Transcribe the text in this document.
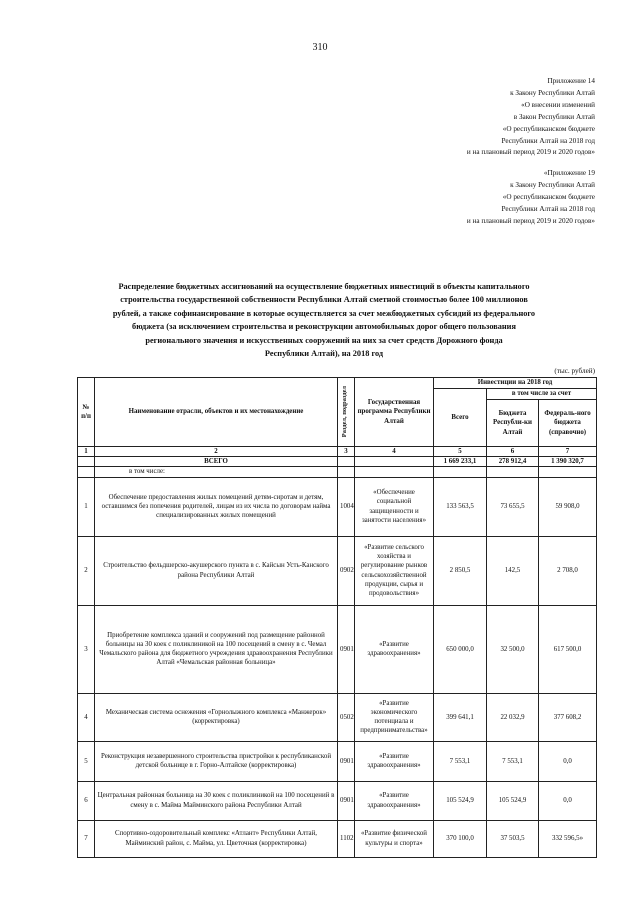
310
Приложение 14
к Закону Республики Алтай
«О внесении изменений
в Закон Республики Алтай
«О республиканском бюджете
Республики Алтай на 2018 год
и на плановый период 2019 и 2020 годов»
«Приложение 19
к Закону Республики Алтай
«О республиканском бюджете
Республики Алтай на 2018 год
и на плановый период 2019 и 2020 годов»
Распределение бюджетных ассигнований на осуществление бюджетных инвестиций в объекты капитального
строительства государственной собственности Республики Алтай сметной стоимостью более 100 миллионов
рублей, а также софинансирование в которые осуществляется за счет межбюджетных субсидий из федерального
бюджета (за исключением строительства и реконструкции автомобильных дорог общего пользования
регионального значения и искусственных сооружений на них за счет средств Дорожного фонда
Республики Алтай), на 2018 год
(тыс. рублей)
№ п/п	Наименование отрасли, объектов и их местонахождение	Раздел, подраздел	Государственная программа Республики Алтай	Инвестиции на 2018 год		
				Всего	в том числе за счет	
					Бюджета Республи-ки Алтай	Федераль-ного бюджета (справочно)
1	2	3	4	5	6	7
	ВСЕГО			1 669 233,1	278 912,4	1 390 320,7
	в том числе:					
1	Обеспечение предоставления жилых помещений детям-сиротам и детям, оставшимся без попечения родителей, лицам из их числа по договорам найма специализированных жилых помещений	1004	«Обеспечение социальной защищенности и занятости населения»	133 563,5	73 655,5	59 908,0
2	Строительство фельдшерско-акушерского пункта в с. Кайсын Усть-Канского района Республики Алтай	0902	«Развитие сельского хозяйства и регулирование рынков сельскохозяйственной продукции, сырья и продовольствия»	2 850,5	142,5	2 708,0
3	Приобретение комплекса зданий и сооружений под размещение районной больницы на 30 коек с поликлиникой на 100 посещений в смену в с. Чемал Чемальского района для бюджетного учреждения здравоохранения Республики Алтай «Чемальская районная больница»	0901	«Развитие здравоохранения»	650 000,0	32 500,0	617 500,0
4	Механическая система оснежения «Горнолыжного комплекса «Манжерок» (корректировка)	0502	«Развитие экономического потенциала и предпринимательства»	399 641,1	22 032,9	377 608,2
5	Реконструкция незавершенного строительства пристройки к республиканской детской больнице в г. Горно-Алтайске (корректировка)	0901	«Развитие здравоохранения»	7 553,1	7 553,1	0,0
6	Центральная районная больница на 30 коек с поликлиникой на 100 посещений в смену в с. Майма Майминского района Республики Алтай	0901	«Развитие здравоохранения»	105 524,9	105 524,9	0,0
7	Спортивно-оздоровительный комплекс «Атлант» Республики Алтай, Майминский район, с. Майма, ул. Цветочная (корректировка)	1102	«Развитие физической культуры и спорта»	370 100,0	37 503,5	332 596,5»
